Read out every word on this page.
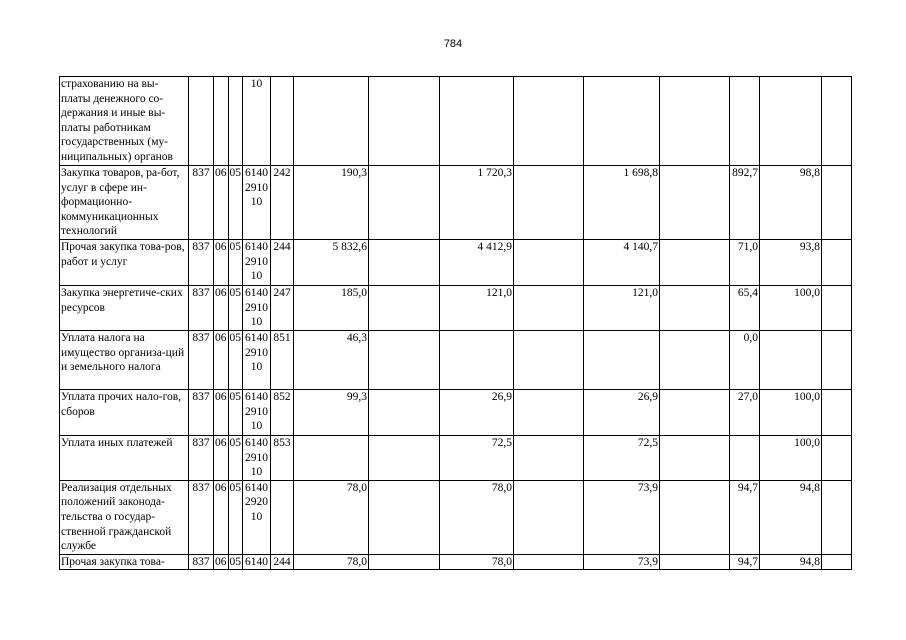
784
страхованию на вы-платы денежного со-держания и иные вы-платы работникам государственных (му-ниципальных) органов				10										
Закупка товаров, ра-бот, услуг в сфере ин-формационно-коммуникационных технологий	837	06	05	6140 2910 10	242	190,3		1 720,3		1 698,8		892,7	98,8	
Прочая закупка това-ров, работ и услуг	837	06	05	6140 2910 10	244	5 832,6		4 412,9		4 140,7		71,0	93,8	
Закупка энергетиче-ских ресурсов	837	06	05	6140 2910 10	247	185,0		121,0		121,0		65,4	100,0	
Уплата налога на имущество организа-ций и земельного налога	837	06	05	6140 2910 10	851	46,3						0,0		
Уплата прочих нало-гов, сборов	837	06	05	6140 2910 10	852	99,3		26,9		26,9		27,0	100,0	
Уплата иных платежей	837	06	05	6140 2910 10	853			72,5		72,5			100,0	
Реализация отдельных положений законода-тельства о государ-ственной гражданской службе	837	06	05	6140 2920 10		78,0		78,0		73,9		94,7	94,8	
Прочая закупка това-	837	06	05	6140	244	78,0		78,0		73,9		94,7	94,8	
